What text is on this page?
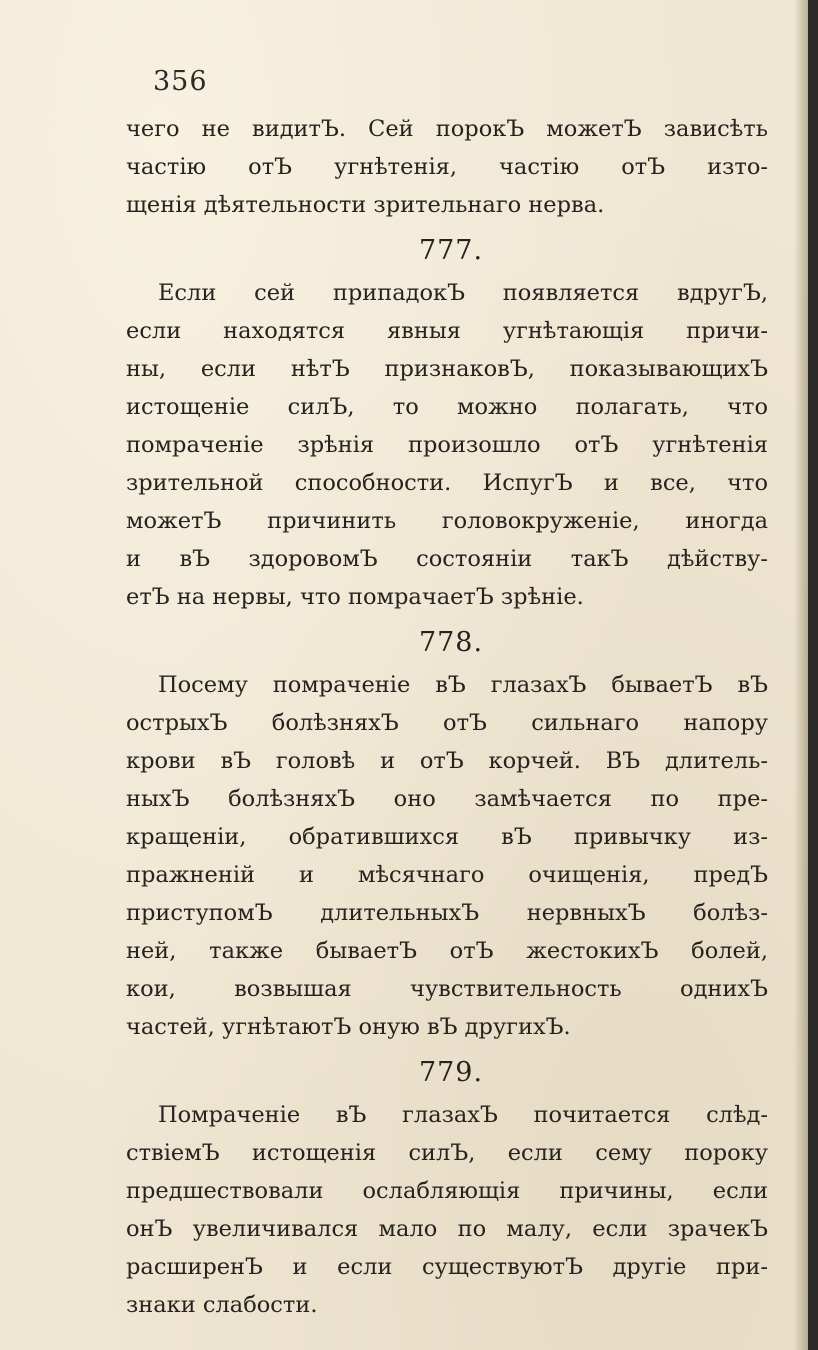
356
чего не видитЪ. Сей порокЪ можетЪ зависѣть
частію отЪ угнѣтенія, частію отЪ изто-
щенія дѣятельности зрительнаго нерва.
777.
Если сей припадокЪ появляется вдругЪ,
если находятся явныя угнѣтающія причи-
ны, если нѣтЪ признаковЪ, показывающихЪ
истощеніе силЪ, то можно полагать, что
помраченіе зрѣнія произошло отЪ угнѣтенія
зрительной способности. ИспугЪ и все, что
можетЪ причинить головокруженіе, иногда
и вЪ здоровомЪ состояніи такЪ дѣйству-
етЪ на нервы, что помрачаетЪ зрѣніе.
778.
Посему помраченіе вЪ глазахЪ бываетЪ вЪ
острыхЪ болѣзняхЪ отЪ сильнаго напору
крови вЪ головѣ и отЪ корчей. ВЪ длитель-
ныхЪ болѣзняхЪ оно замѣчается по пре-
кращеніи, обратившихся вЪ привычку из-
пражненій и мѣсячнаго очищенія, предЪ
приступомЪ длительныхЪ нервныхЪ болѣз-
ней, также бываетЪ отЪ жестокихЪ болей,
кои, возвышая чувствительность однихЪ
частей, угнѣтаютЪ оную вЪ другихЪ.
779.
Помраченіе вЪ глазахЪ почитается слѣд-
ствіемЪ истощенія силЪ, если сему пороку
предшествовали ослабляющія причины, если
онЪ увеличивался мало по малу, если зрачекЪ
расширенЪ и если существуютЪ другіе при-
знаки слабости.
